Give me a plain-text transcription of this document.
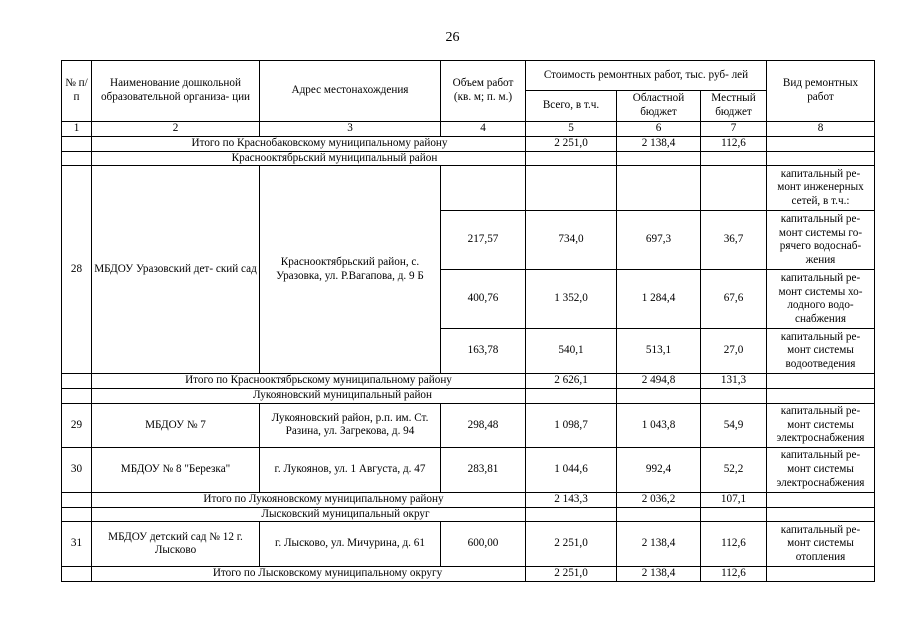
26
№ п/п	Наименование дошкольной образовательной организа- ции	Адрес местонахождения	Объем работ (кв. м; п. м.)	Стоимость ремонтных работ, тыс. руб- лей			Вид ремонтных работ
				Всего, в т.ч.	Областной бюджет	Местный бюджет	
1	2	3	4	5	6	7	8
	Итого по Краснобаковскому муниципальному району			2 251,0	2 138,4	112,6	
	Краснооктябрьский муниципальный район						
28	МБДОУ Уразовский дет- ский сад	Краснооктябрьский район, с. Уразовка, ул. Р.Вагапова, д. 9 Б					капитальный ре- монт инженерных сетей, в т.ч.:
			217,57	734,0	697,3	36,7	капитальный ре- монт системы го- рячего водоснаб- жения
			400,76	1 352,0	1 284,4	67,6	капитальный ре- монт системы хо- лодного водо- снабжения
			163,78	540,1	513,1	27,0	капитальный ре- монт системы водоотведения
	Итого по Краснооктябрьскому муниципальному району			2 626,1	2 494,8	131,3	
	Лукояновский муниципальный район						
29	МБДОУ № 7	Лукояновский район, р.п. им. Ст. Разина, ул. Загрекова, д. 94	298,48	1 098,7	1 043,8	54,9	капитальный ре- монт системы электроснабжения
30	МБДОУ № 8 "Березка"	г. Лукоянов, ул. 1 Августа, д. 47	283,81	1 044,6	992,4	52,2	капитальный ре- монт системы электроснабжения
	Итого по Лукояновскому муниципальному району			2 143,3	2 036,2	107,1	
	Лысковский муниципальный округ						
31	МБДОУ детский сад № 12 г. Лысково	г. Лысково, ул. Мичурина, д. 61	600,00	2 251,0	2 138,4	112,6	капитальный ре- монт системы отопления
	Итого по Лысковскому муниципальному округу			2 251,0	2 138,4	112,6	
